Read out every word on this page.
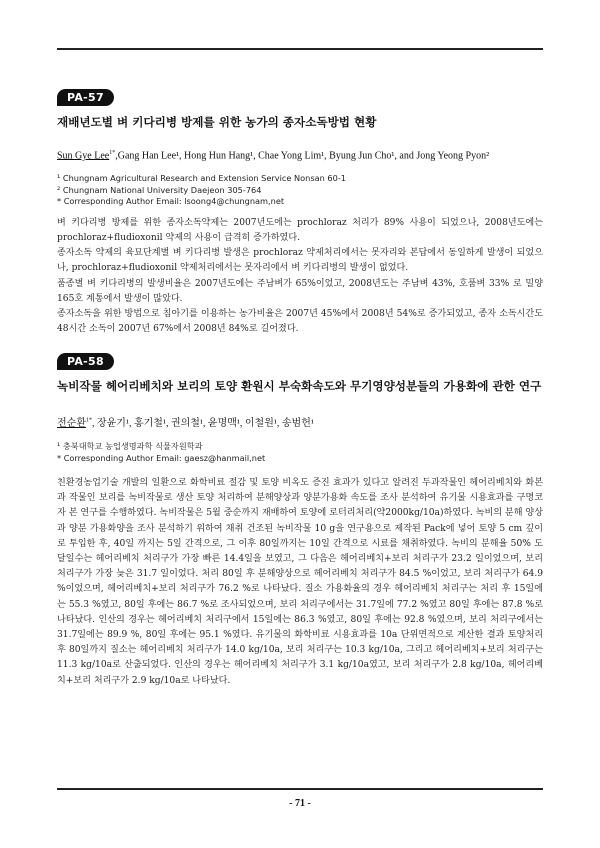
PA-57
재배년도별 벼 키다리병 방제를 위한 농가의 종자소독방법 현황
Sun Gye Lee$^{1*}$,Gang Han Lee¹, Hong Hun Hang¹, Chae Yong Lim¹, Byung Jun Cho¹, and Jong Yeong Pyon²
¹ Chungnam Agricultural Research and Extension Service Nonsan 60-1
² Chungnam National University Daejeon 305-764
* Corresponding Author Email: lsoong4@chungnam,net

벼 키다리병 방제를 위한 종자소독약제는 2007년도에는 prochloraz 처리가 89% 사용이 되었으나, 2008년도에는 prochloraz+fludioxonil 약제의 사용이 급격히 증가하였다.

종자소독 약제의 육묘단계별 벼 키다리병 발생은 prochloraz 약제처리에서는 못자리와 본답에서 동일하게 발생이 되었으나, prochloraz+fludioxonil 약제처리에서는 못자리에서 벼 키다리병의 발생이 없었다.

품종별 벼 키다리병의 발생비율은 2007년도에는 주남벼가 65%이었고, 2008년도는 주남벼 43%, 호품벼 33% 로 밀양 165호 계통에서 발생이 많았다.

종자소독을 위한 방법으로 침아기를 이용하는 농가비율은 2007년 45%에서 2008년 54%로 증가되었고, 종자 소독시간도 48시간 소독이 2007년 67%에서 2008년 84%로 길어졌다.

PA-58
녹비작물 헤어리베치와 보리의 토양 환원시 부숙화속도와 무기영양성분들의 가용화에 관한 연구
전순환$^{1*}$, 장윤기¹, 홍기철¹, 권의철¹, 윤명맥¹, 이철원¹, 송범헌¹
¹ 충북대학교 농업생명과학 식물자원학과
* Corresponding Author Email: gaesz@hanmail,net

친환경농업기술 개발의 일환으로 화학비료 절감 및 토양 비옥도 증진 효과가 있다고 알려진 두과작물인 헤어리베치와 화본과 작물인 보리를 녹비작물로 생산 토양 처리하여 분해양상과 양분가용화 속도를 조사 분석하여 유기물 시용효과를 구명코자 본 연구를 수행하였다. 녹비작물은 5월 중순까지 재배하여 토양에 로터리처리(약2000kg/10a)하였다. 녹비의 분해 양상과 양분 가용화양을 조사 분석하기 위하여 채취 건조된 녹비작물 10 g을 연구용으로 제작된 Pack에 넣어 토양 5 cm 깊이로 투입한 후, 40일 까지는 5일 간격으로, 그 이후 80일까지는 10일 간격으로 시료를 채취하였다. 녹비의 분해율 50% 도달일수는 헤어리베치 처리구가 가장 빠른 14.4일을 보였고, 그 다음은 헤어리베치+보리 처리구가 23.2 일이었으며, 보리 처리구가 가장 늦은 31.7 일이었다. 처리 80일 후 분해양상으로 헤어리베치 처리구가 84.5 %이었고, 보리 처리구가 64.9 %이었으며, 헤어리베치+보리 처리구가 76.2 %로 나타났다. 질소 가용화율의 경우 헤어리베치 처리구는 처리 후 15일에는 55.3 %였고, 80일 후에는 86.7 %로 조사되었으며, 보리 처리구에서는 31.7일에 77.2 %였고 80일 후에는 87.8 %로 나타났다. 인산의 경우는 헤어리베치 처리구에서 15일에는 86.3 %였고, 80일 후에는 92.8 %였으며, 보리 처리구에서는 31.7일에는 89.9 %, 80일 후에는 95.1 %였다. 유기물의 화학비료 시용효과를 10a 단위면적으로 계산한 결과 토양처리 후 80일까지 질소는 헤어리베치 처리구가 14.0 kg/10a, 보리 처리구는 10.3 kg/10a, 그리고 헤어리베치+보리 처리구는 11.3 kg/10a로 산출되었다. 인산의 경우는 헤어리베치 처리구가 3.1 kg/10a였고, 보리 처리구가 2.8 kg/10a, 헤어리베치+보리 처리구가 2.9 kg/10a로 나타났다.

- 71 -
